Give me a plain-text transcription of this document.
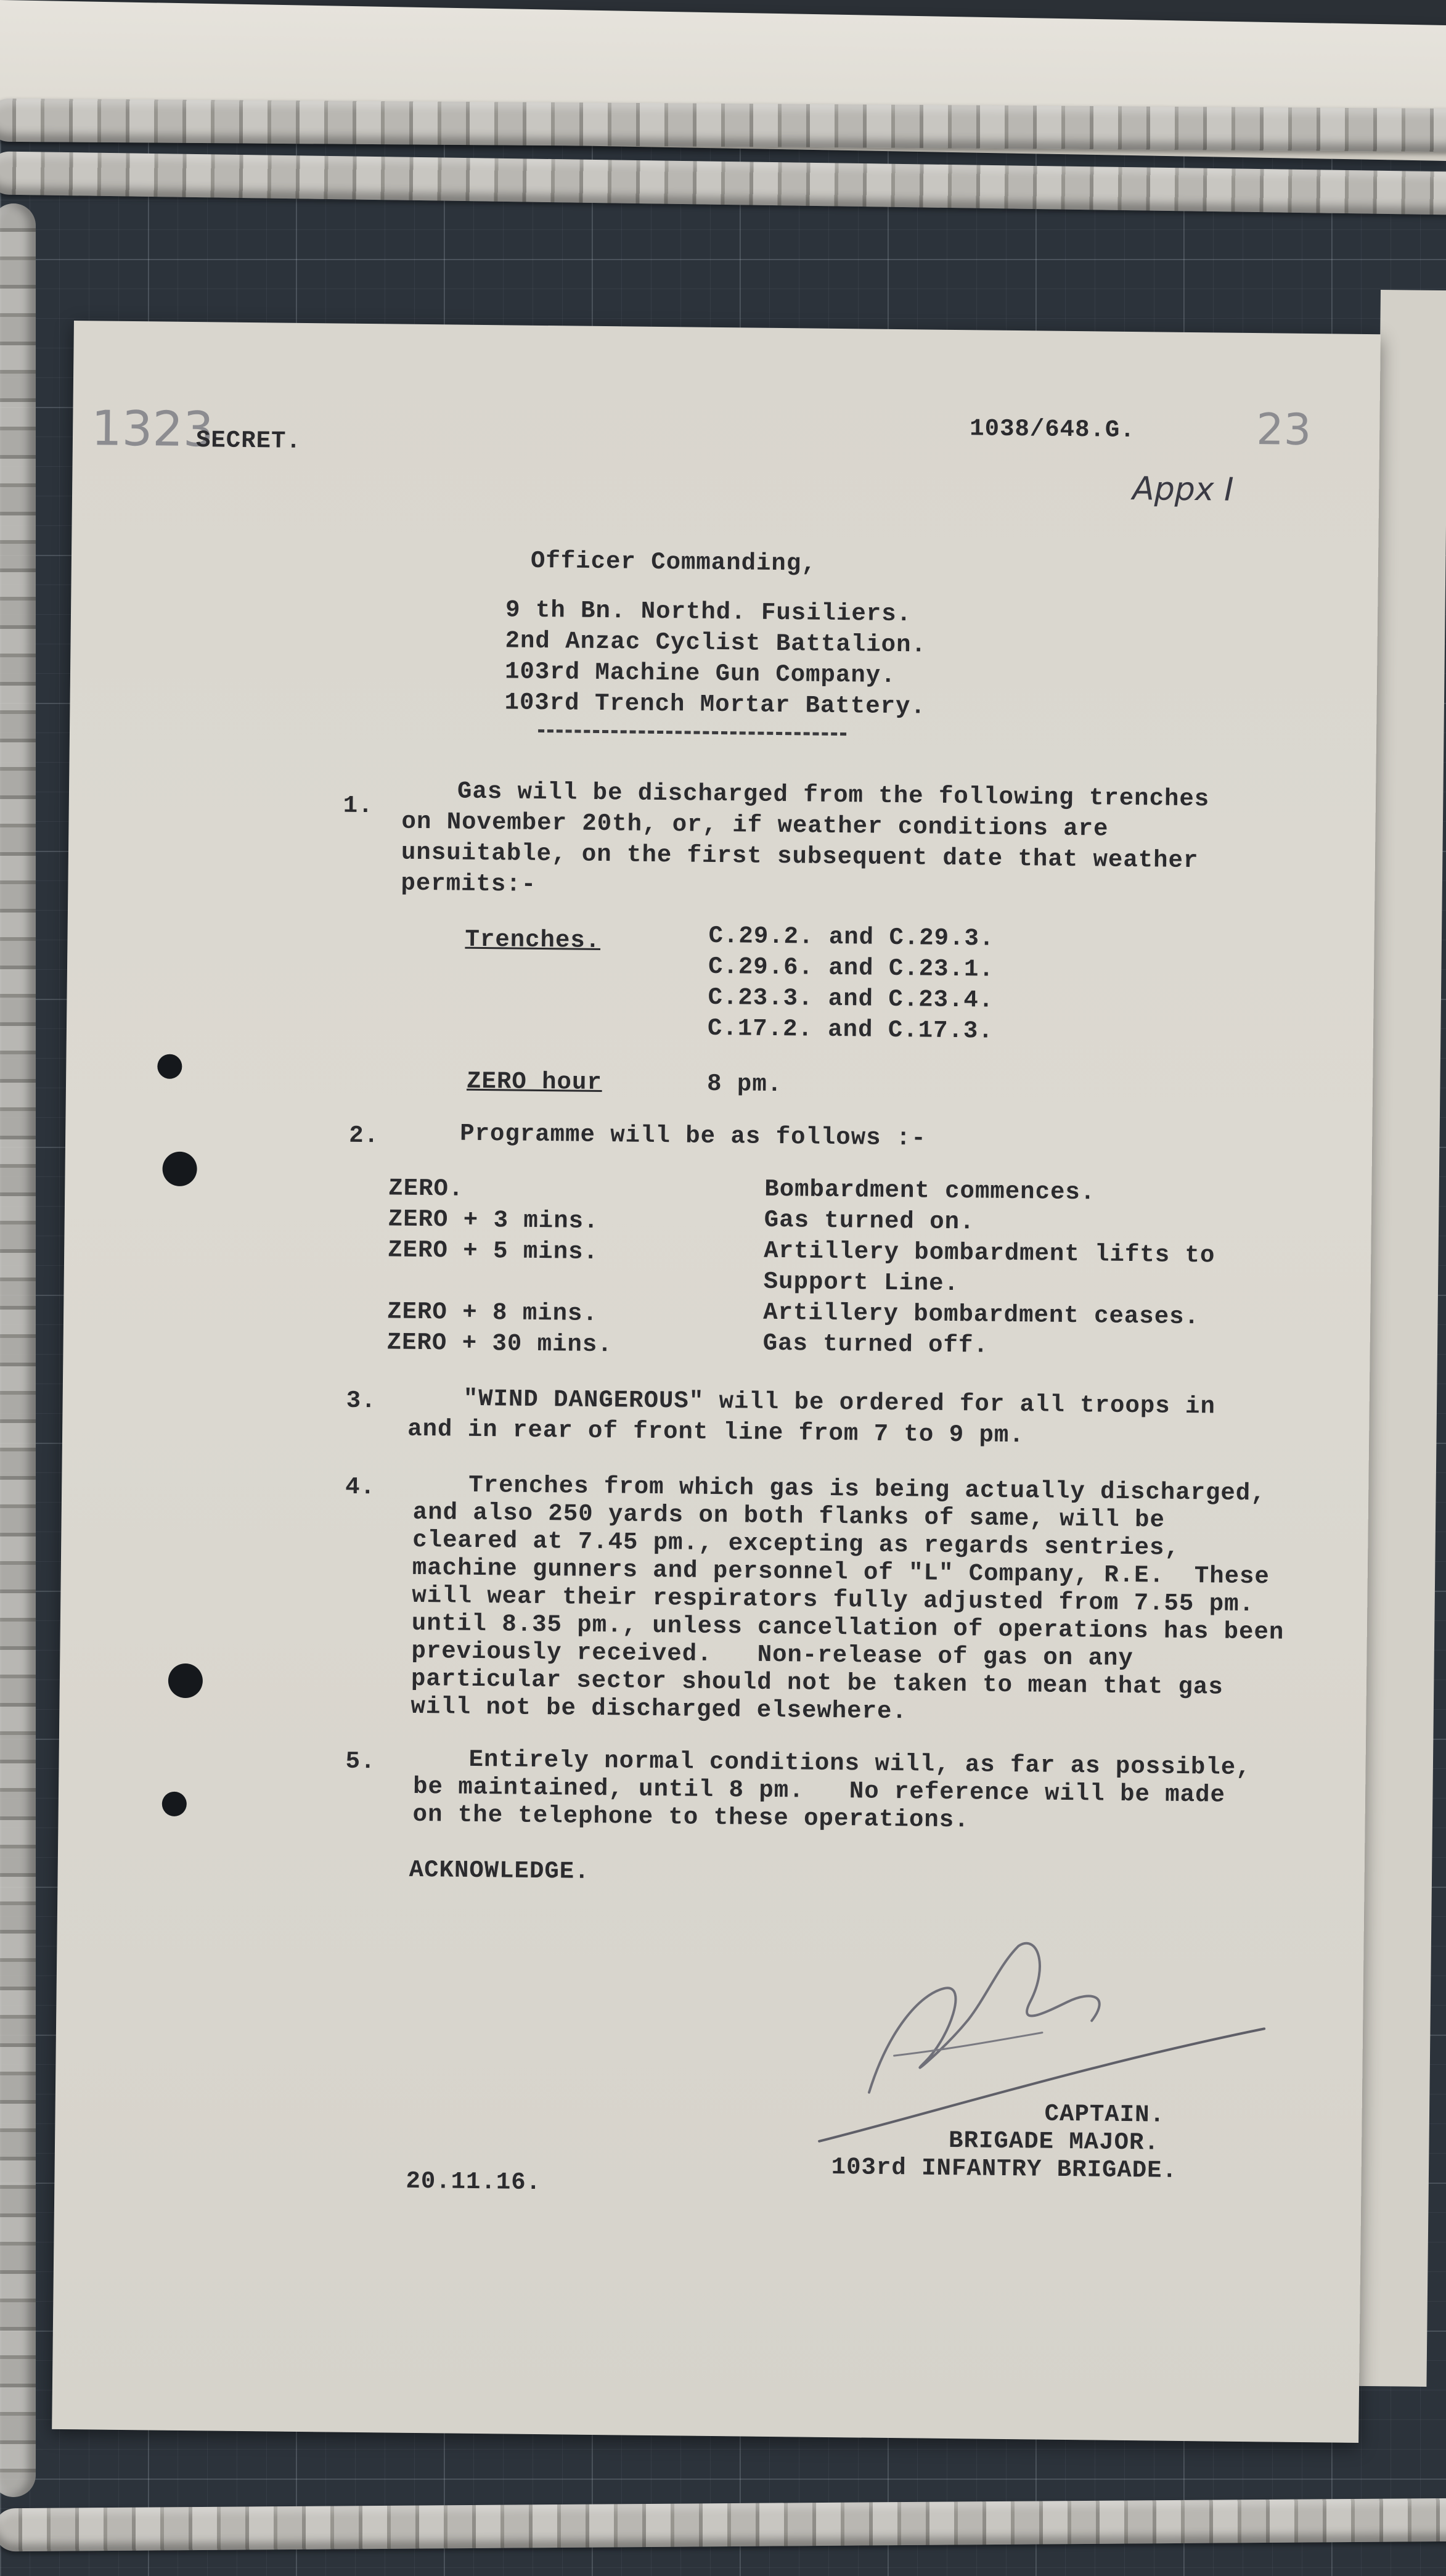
1323
SECRET.	1038/648.G.	23
Appx I
Officer Commanding,
9 th Bn. Northd. Fusiliers.
2nd Anzac Cyclist Battalion.
103rd Machine Gun Company.
103rd Trench Mortar Battery.
1.	Gas will be discharged from the following trenches
on November 20th, or, if weather conditions are
unsuitable, on the first subsequent date that weather
permits:-
Trenches.	C.29.2. and C.29.3.
C.29.6. and C.23.1.
C.23.3. and C.23.4.
C.17.2. and C.17.3.
ZERO hour	8 pm.
2.	Programme will be as follows :-
ZERO.	Bombardment commences.
ZERO + 3 mins.	Gas turned on.
ZERO + 5 mins.	Artillery bombardment lifts to
Support Line.
ZERO + 8 mins.	Artillery bombardment ceases.
ZERO + 30 mins.	Gas turned off.
3.	"WIND DANGEROUS" will be ordered for all troops in
and in rear of front line from 7 to 9 pm.
4.	Trenches from which gas is being actually discharged,
and also 250 yards on both flanks of same, will be
cleared at 7.45 pm., excepting as regards sentries,
machine gunners and personnel of "L" Company, R.E.  These
will wear their respirators fully adjusted from 7.55 pm.
until 8.35 pm., unless cancellation of operations has been
previously received.   Non-release of gas on any
particular sector should not be taken to mean that gas
will not be discharged elsewhere.
5.	Entirely normal conditions will, as far as possible,
be maintained, until 8 pm.   No reference will be made
on the telephone to these operations.
ACKNOWLEDGE.
20.11.16.
CAPTAIN.
BRIGADE MAJOR.
103rd INFANTRY BRIGADE.
